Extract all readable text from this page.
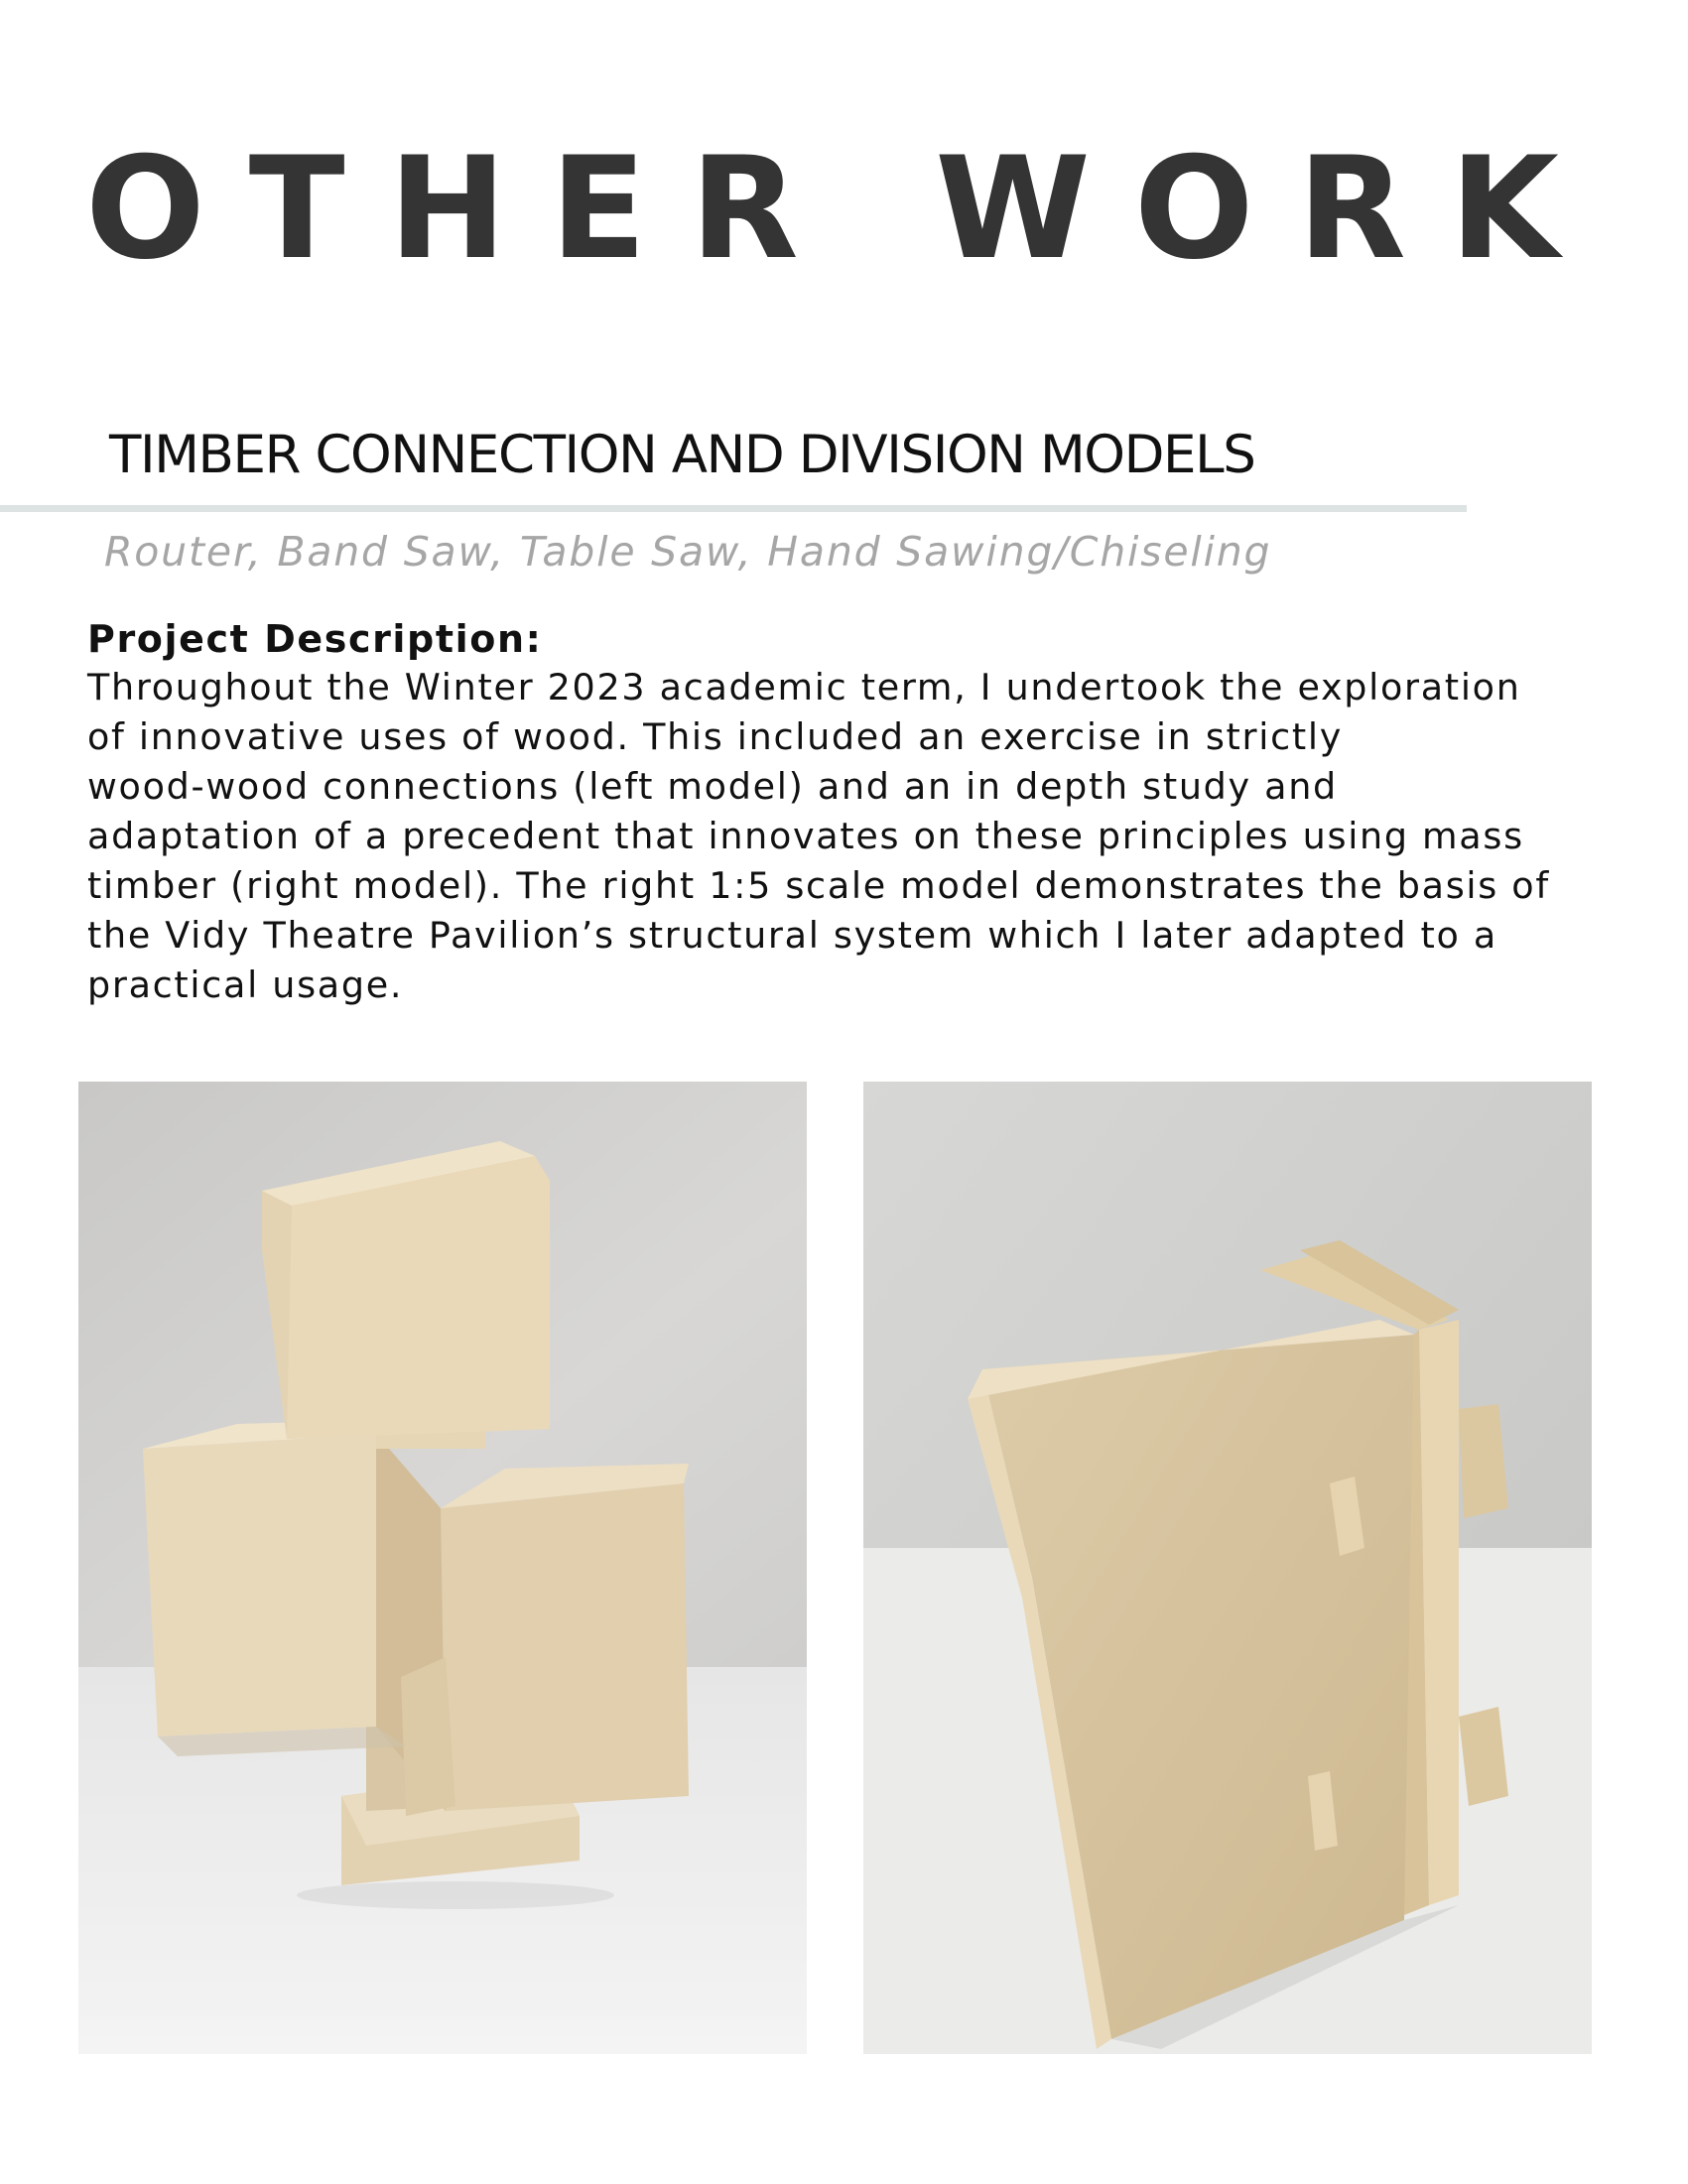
OTHER WORK
TIMBER CONNECTION AND DIVISION MODELS
Router, Band Saw, Table Saw, Hand Sawing/Chiseling
Project Description:
Throughout the Winter 2023 academic term, I undertook the exploration
of innovative uses of wood. This included an exercise in strictly
wood-wood connections (left model) and an in depth study and
adaptation of a precedent that innovates on these principles using mass
timber (right model). The right 1:5 scale model demonstrates the basis of
the Vidy Theatre Pavilion’s structural system which I later adapted to a
practical usage.
